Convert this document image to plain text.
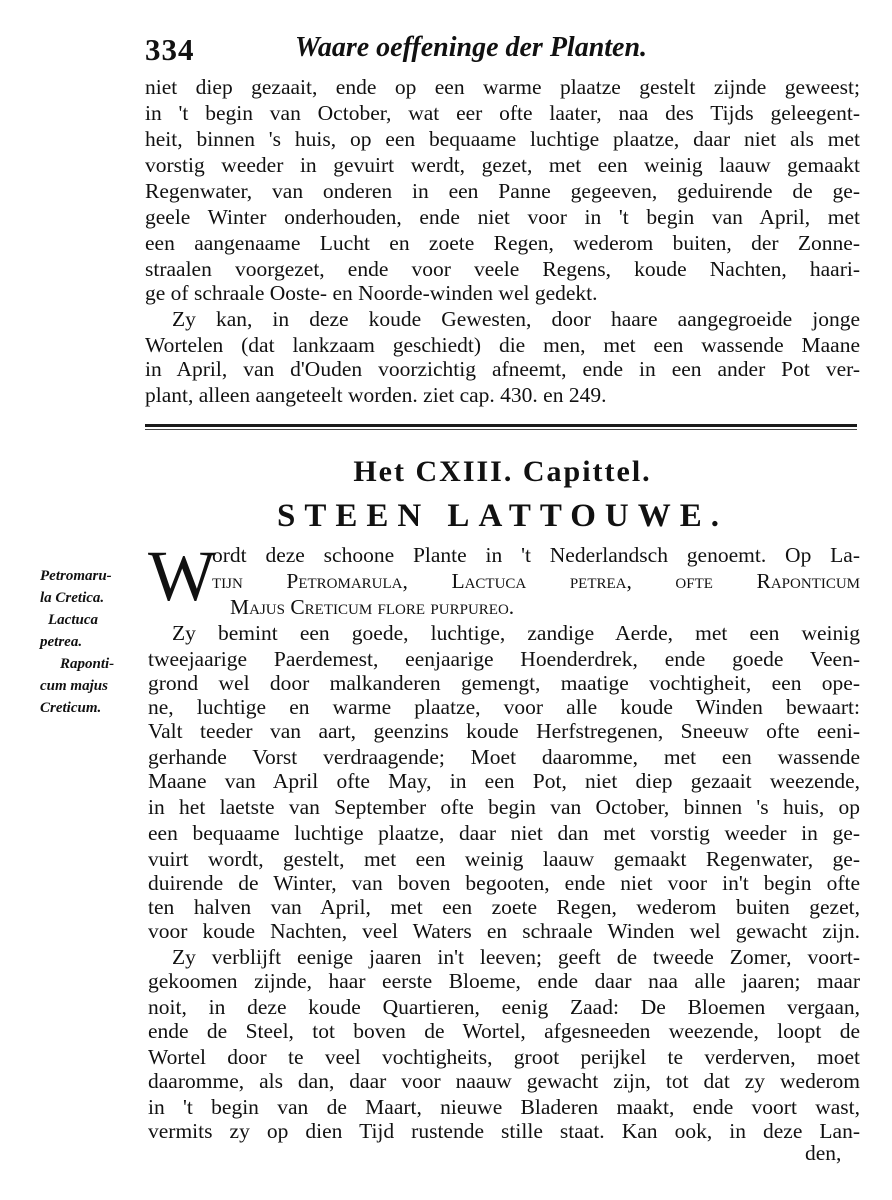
334	Waare oeffeninge der Planten.
niet diep gezaait, ende op een warme plaatze gestelt zijnde geweest;
in 't begin van October, wat eer ofte laater, naa des Tijds geleegent-
heit, binnen 's huis, op een bequaame luchtige plaatze, daar niet als met
vorstig weeder in gevuirt werdt, gezet, met een weinig laauw gemaakt
Regenwater, van onderen in een Panne gegeeven, geduirende de ge-
geele Winter onderhouden, ende niet voor in 't begin van April, met
een aangenaame Lucht en zoete Regen, wederom buiten, der Zonne-
straalen voorgezet, ende voor veele Regens, koude Nachten, haari-
ge of schraale Ooste- en Noorde-winden wel gedekt.
Zy kan, in deze koude Gewesten, door haare aangegroeide jonge
Wortelen (dat lankzaam geschiedt) die men, met een wassende Maane
in April, van d'Ouden voorzichtig afneemt, ende in een ander Pot ver-
plant, alleen aangeteelt worden. ziet cap. 430. en 249.
Het CXIII. Capittel.
STEEN LATTOUWE.
Petromaru-
la Cretica.
Lactuca
petrea.
Raponti-
cum majus
Creticum.
W
ordt deze schoone Plante in 't Nederlandsch genoemt. Op La-
tijn Petromarula, Lactuca petrea, ofte Raponticum
Majus Creticum flore purpureo.
Zy bemint een goede, luchtige, zandige Aerde, met een weinig
tweejaarige Paerdemest, eenjaarige Hoenderdrek, ende goede Veen-
grond wel door malkanderen gemengt, maatige vochtigheit, een ope-
ne, luchtige en warme plaatze, voor alle koude Winden bewaart:
Valt teeder van aart, geenzins koude Herfstregenen, Sneeuw ofte eeni-
gerhande Vorst verdraagende; Moet daaromme, met een wassende
Maane van April ofte May, in een Pot, niet diep gezaait weezende,
in het laetste van September ofte begin van October, binnen 's huis, op
een bequaame luchtige plaatze, daar niet dan met vorstig weeder in ge-
vuirt wordt, gestelt, met een weinig laauw gemaakt Regenwater, ge-
duirende de Winter, van boven begooten, ende niet voor in't begin ofte
ten halven van April, met een zoete Regen, wederom buiten gezet,
voor koude Nachten, veel Waters en schraale Winden wel gewacht zijn.
Zy verblijft eenige jaaren in't leeven; geeft de tweede Zomer, voort-
gekoomen zijnde, haar eerste Bloeme, ende daar naa alle jaaren; maar
noit, in deze koude Quartieren, eenig Zaad: De Bloemen vergaan,
ende de Steel, tot boven de Wortel, afgesneeden weezende, loopt de
Wortel door te veel vochtigheits, groot perijkel te verderven, moet
daaromme, als dan, daar voor naauw gewacht zijn, tot dat zy wederom
in 't begin van de Maart, nieuwe Bladeren maakt, ende voort wast,
vermits zy op dien Tijd rustende stille staat. Kan ook, in deze Lan-
den,
